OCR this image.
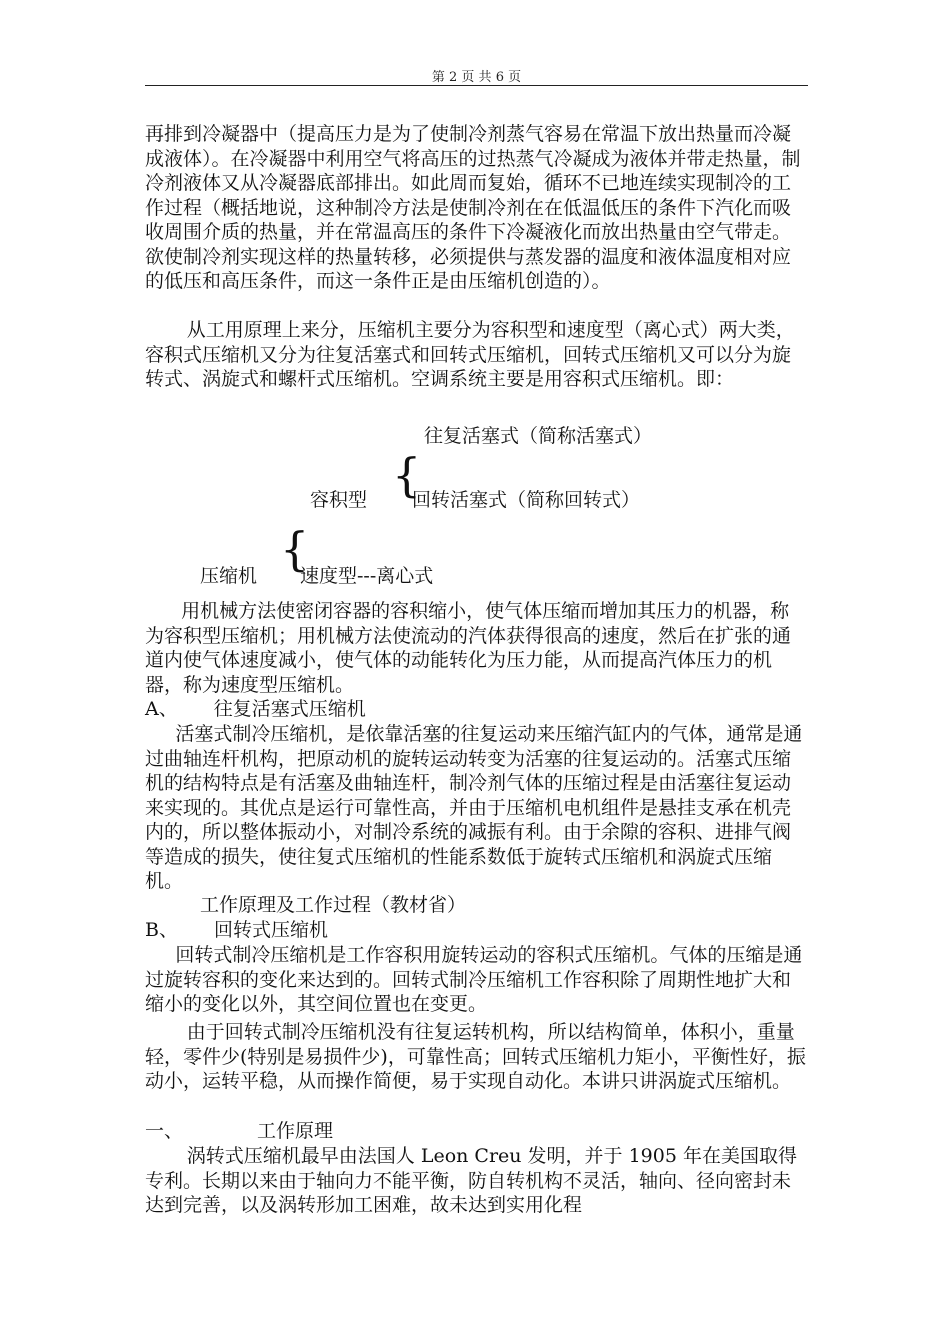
第 2 页 共 6 页
再排到冷凝器中（提高压力是为了使制冷剂蒸气容易在常温下放出热量而冷凝成液体）。在冷凝器中利用空气将高压的过热蒸气冷凝成为液体并带走热量，制冷剂液体又从冷凝器底部排出。如此周而复始，循环不已地连续实现制冷的工作过程（概括地说，这种制冷方法是使制冷剂在在低温低压的条件下汽化而吸收周围介质的热量，并在常温高压的条件下冷凝液化而放出热量由空气带走。欲使制冷剂实现这样的热量转移，必须提供与蒸发器的温度和液体温度相对应的低压和高压条件，而这一条件正是由压缩机创造的）。
从工用原理上来分，压缩机主要分为容积型和速度型（离心式）两大类，容积式压缩机又分为往复活塞式和回转式压缩机，回转式压缩机又可以分为旋转式、涡旋式和螺杆式压缩机。空调系统主要是用容积式压缩机。即：
往复活塞式（简称活塞式）
{
容积型 回转活塞式（简称回转式）
{
压缩机 速度型---离心式
用机械方法使密闭容器的容积缩小，使气体压缩而增加其压力的机器，称为容积型压缩机；用机械方法使流动的汽体获得很高的速度，然后在扩张的通道内使气体速度减小，使气体的动能转化为压力能，从而提高汽体压力的机器，称为速度型压缩机。
A、 往复活塞式压缩机
活塞式制冷压缩机，是依靠活塞的往复运动来压缩汽缸内的气体，通常是通过曲轴连杆机构，把原动机的旋转运动转变为活塞的往复运动的。活塞式压缩机的结构特点是有活塞及曲轴连杆，制冷剂气体的压缩过程是由活塞往复运动来实现的。其优点是运行可靠性高，并由于压缩机电机组件是悬挂支承在机壳内的，所以整体振动小，对制冷系统的减振有利。由于余隙的容积、进排气阀等造成的损失，使往复式压缩机的性能系数低于旋转式压缩机和涡旋式压缩机。
工作原理及工作过程（教材省）
B、 回转式压缩机
回转式制冷压缩机是工作容积用旋转运动的容积式压缩机。气体的压缩是通过旋转容积的变化来达到的。回转式制冷压缩机工作容积除了周期性地扩大和缩小的变化以外，其空间位置也在变更。
由于回转式制冷压缩机没有往复运转机构，所以结构简单，体积小，重量轻，零件少(特别是易损件少)，可靠性高；回转式压缩机力矩小，平衡性好，振动小，运转平稳，从而操作简便，易于实现自动化。本讲只讲涡旋式压缩机。
一、	工作原理
涡转式压缩机最早由法国人 Leon Creu 发明，并于 1905 年在美国取得专利。长期以来由于轴向力不能平衡，防自转机构不灵活，轴向、径向密封未达到完善，以及涡转形加工困难，故未达到实用化程
